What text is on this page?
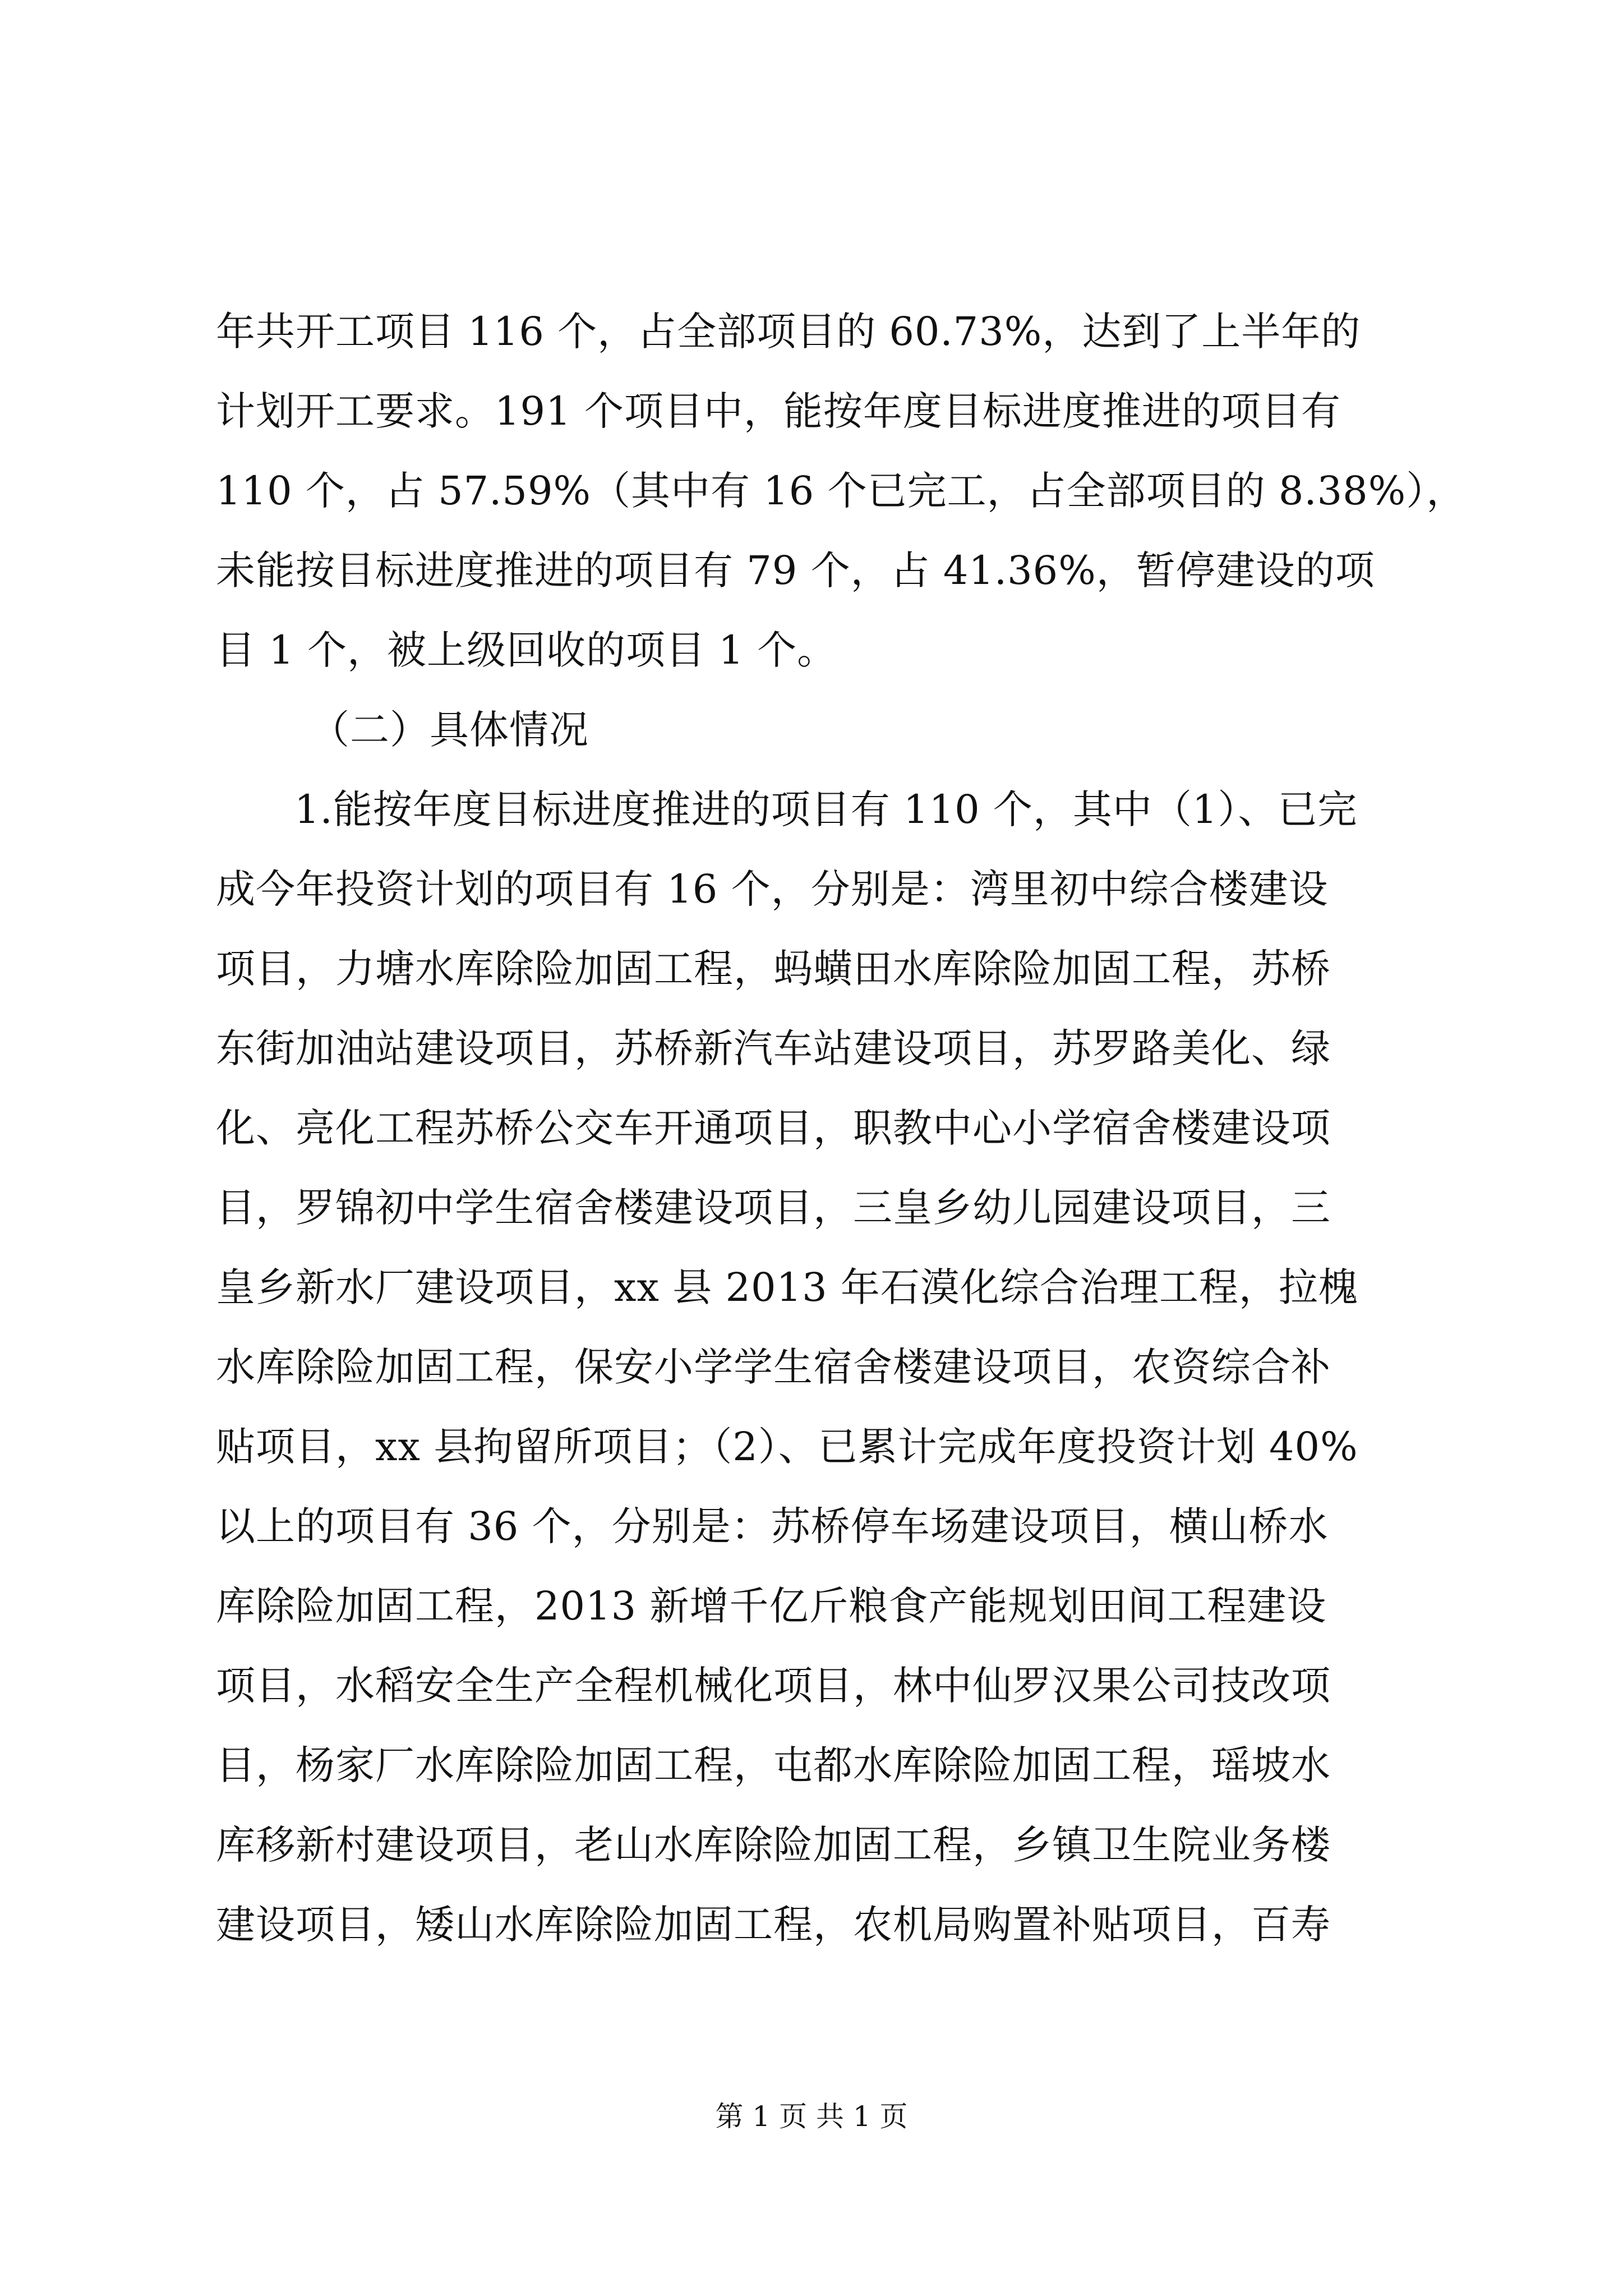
年共开工项目 116 个，占全部项目的 60.73%，达到了上半年的
计划开工要求。191 个项目中，能按年度目标进度推进的项目有
110 个，占 57.59%（其中有 16 个已完工，占全部项目的 8.38%），
未能按目标进度推进的项目有 79 个，占 41.36%，暂停建设的项
目 1 个，被上级回收的项目 1 个。
（二）具体情况
1.能按年度目标进度推进的项目有 110 个，其中（1）、已完
成今年投资计划的项目有 16 个，分别是：湾里初中综合楼建设
项目，力塘水库除险加固工程，蚂蟥田水库除险加固工程，苏桥
东街加油站建设项目，苏桥新汽车站建设项目，苏罗路美化、绿
化、亮化工程苏桥公交车开通项目，职教中心小学宿舍楼建设项
目，罗锦初中学生宿舍楼建设项目，三皇乡幼儿园建设项目，三
皇乡新水厂建设项目，xx 县 2013 年石漠化综合治理工程，拉槐
水库除险加固工程，保安小学学生宿舍楼建设项目，农资综合补
贴项目，xx 县拘留所项目；（2）、已累计完成年度投资计划 40%
以上的项目有 36 个，分别是：苏桥停车场建设项目，横山桥水
库除险加固工程，2013 新增千亿斤粮食产能规划田间工程建设
项目，水稻安全生产全程机械化项目，林中仙罗汉果公司技改项
目，杨家厂水库除险加固工程，屯都水库除险加固工程，瑶坡水
库移新村建设项目，老山水库除险加固工程，乡镇卫生院业务楼
建设项目，矮山水库除险加固工程，农机局购置补贴项目，百寿
第 1 页 共 1 页
